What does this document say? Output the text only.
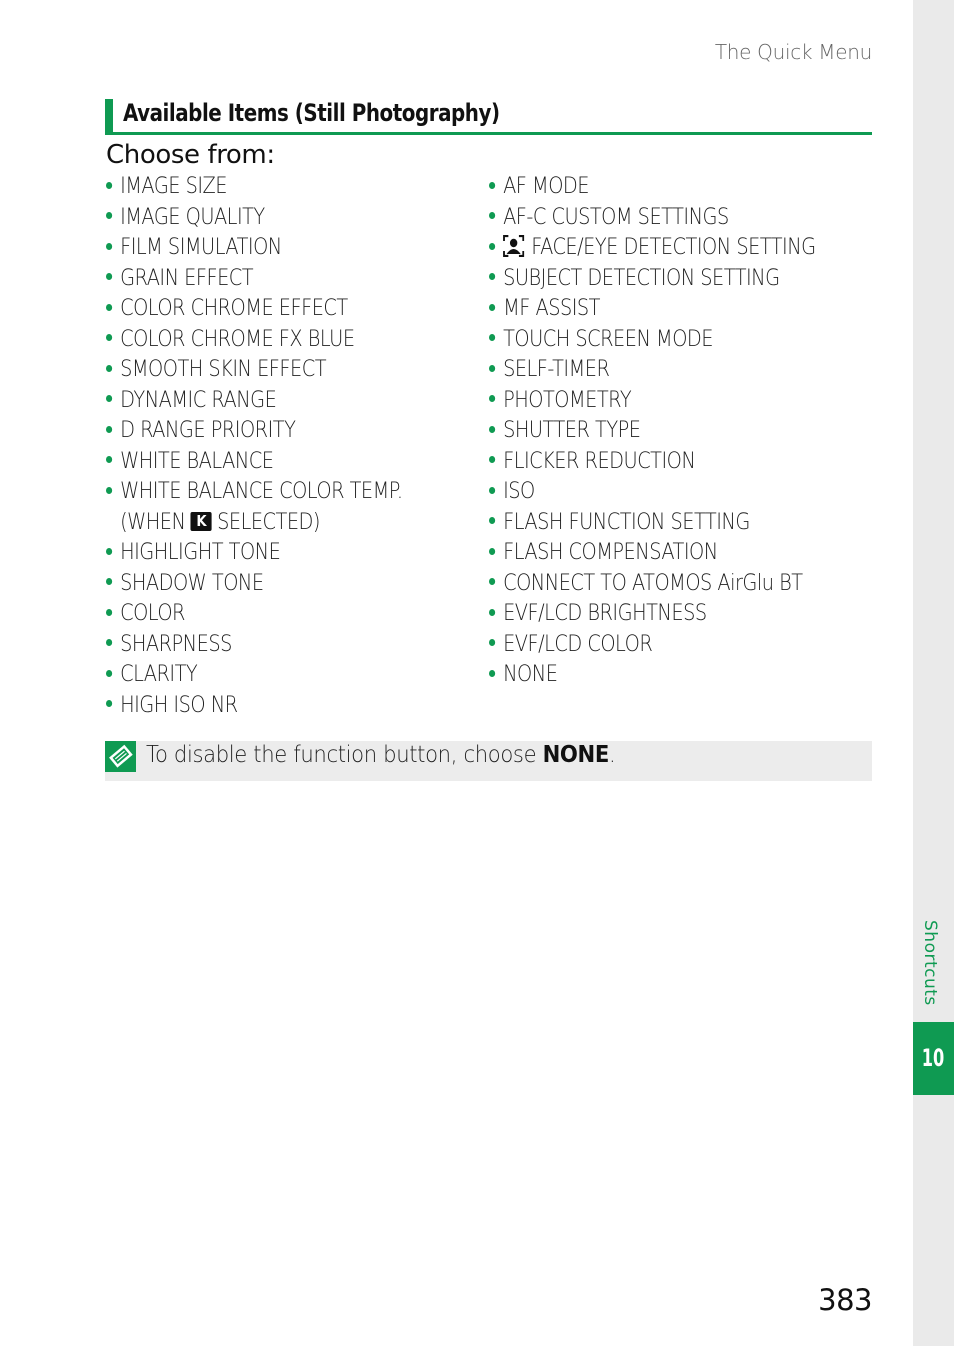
The Quick Menu
Available Items (Still Photography)
Choose from:
IMAGE SIZE
IMAGE QUALITY
FILM SIMULATION
GRAIN EFFECT
COLOR CHROME EFFECT
COLOR CHROME FX BLUE
SMOOTH SKIN EFFECT
DYNAMIC RANGE
D RANGE PRIORITY
WHITE BALANCE
WHITE BALANCE COLOR TEMP.
(WHEN K SELECTED)
HIGHLIGHT TONE
SHADOW TONE
COLOR
SHARPNESS
CLARITY
HIGH ISO NR
AF MODE
AF-C CUSTOM SETTINGS
FACE/EYE DETECTION SETTING
SUBJECT DETECTION SETTING
MF ASSIST
TOUCH SCREEN MODE
SELF-TIMER
PHOTOMETRY
SHUTTER TYPE
FLICKER REDUCTION
ISO
FLASH FUNCTION SETTING
FLASH COMPENSATION
CONNECT TO ATOMOS AirGlu BT
EVF/LCD BRIGHTNESS
EVF/LCD COLOR
NONE
To disable the function button, choose NONE.
Shortcuts
10
383
